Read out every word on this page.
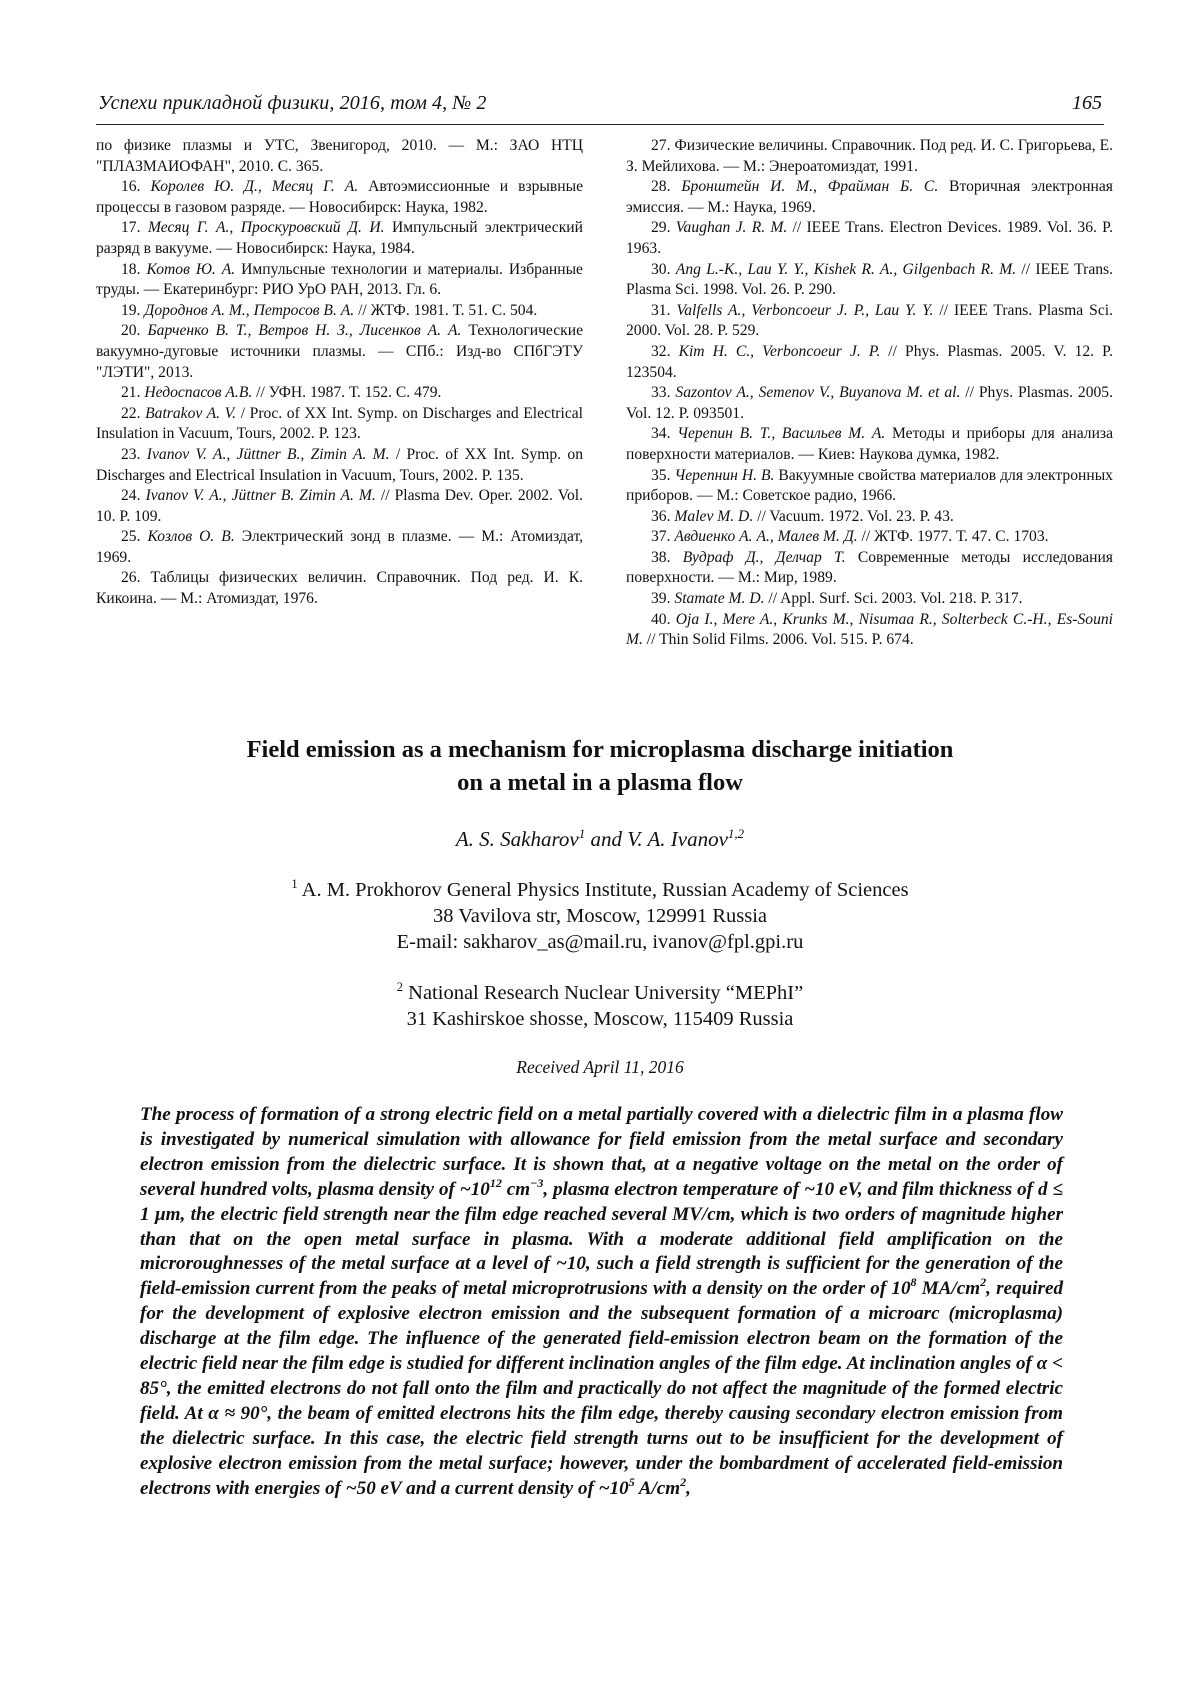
Успехи прикладной физики, 2016, том 4, № 2	165

по физике плазмы и УТС, Звенигород, 2010. — М.: ЗАО НТЦ "ПЛАЗМАИОФАН", 2010. С. 365.

16. Королев Ю. Д., Месяц Г. А. Автоэмиссионные и взрывные процессы в газовом разряде. — Новосибирск: Наука, 1982.

17. Месяц Г. А., Проскуровский Д. И. Импульсный электрический разряд в вакууме. — Новосибирск: Наука, 1984.

18. Котов Ю. А. Импульсные технологии и материалы. Избранные труды. — Екатеринбург: РИО УрО РАН, 2013. Гл. 6.

19. Дороднов А. М., Петросов В. А. // ЖТФ. 1981. Т. 51. С. 504.

20. Барченко В. Т., Ветров Н. З., Лисенков А. А. Технологические вакуумно-дуговые источники плазмы. — СПб.: Изд-во СПбГЭТУ "ЛЭТИ", 2013.

21. Недоспасов А.В. // УФН. 1987. Т. 152. С. 479.

22. Batrakov A. V. / Proc. of XX Int. Symp. on Discharges and Electrical Insulation in Vacuum, Tours, 2002. P. 123.

23. Ivanov V. A., Jüttner B., Zimin A. M. / Proc. of XX Int. Symp. on Discharges and Electrical Insulation in Vacuum, Tours, 2002. P. 135.

24. Ivanov V. A., Jüttner B. Zimin A. M. // Plasma Dev. Oper. 2002. Vol. 10. P. 109.

25. Козлов О. В. Электрический зонд в плазме. — М.: Атомиздат, 1969.

26. Таблицы физических величин. Справочник. Под ред. И. К. Кикоина. — М.: Атомиздат, 1976.

27. Физические величины. Справочник. Под ред. И. С. Григорьева, Е. З. Мейлихова. — М.: Энероатомиздат, 1991.

28. Бронштейн И. М., Фрайман Б. С. Вторичная электронная эмиссия. — М.: Наука, 1969.

29. Vaughan J. R. M. // IEEE Trans. Electron Devices. 1989. Vol. 36. P. 1963.

30. Ang L.-K., Lau Y. Y., Kishek R. A., Gilgenbach R. M. // IEEE Trans. Plasma Sci. 1998. Vol. 26. P. 290.

31. Valfells A., Verboncoeur J. P., Lau Y. Y. // IEEE Trans. Plasma Sci. 2000. Vol. 28. P. 529.

32. Kim H. C., Verboncoeur J. P. // Phys. Plasmas. 2005. V. 12. P. 123504.

33. Sazontov A., Semenov V., Buyanova M. et al. // Phys. Plasmas. 2005. Vol. 12. P. 093501.

34. Черепин В. Т., Васильев М. А. Методы и приборы для анализа поверхности материалов. — Киев: Наукова думка, 1982.

35. Черепнин Н. В. Вакуумные свойства материалов для электронных приборов. — М.: Советское радио, 1966.

36. Malev M. D. // Vacuum. 1972. Vol. 23. P. 43.

37. Авдиенко А. А., Малев М. Д. // ЖТФ. 1977. Т. 47. С. 1703.

38. Вудраф Д., Делчар Т. Современные методы исследования поверхности. — М.: Мир, 1989.

39. Stamate M. D. // Appl. Surf. Sci. 2003. Vol. 218. P. 317.

40. Oja I., Mere A., Krunks M., Nisumaa R., Solterbeck C.-H., Es-Souni M. // Thin Solid Films. 2006. Vol. 515. P. 674.

Field emission as a mechanism for microplasma discharge initiation
on a metal in a plasma flow
A. S. Sakharov$^1$ and V. A. Ivanov$^{1,2}$
$^1$ A. M. Prokhorov General Physics Institute, Russian Academy of Sciences
38 Vavilova str, Moscow, 129991 Russia
E-mail: sakharov_as@mail.ru, ivanov@fpl.gpi.ru
$^2$ National Research Nuclear University “MEPhI”
31 Kashirskoe shosse, Moscow, 115409 Russia
Received April 11, 2016
The process of formation of a strong electric field on a metal partially covered with a dielectric film in a plasma flow is investigated by numerical simulation with allowance for field emission from the metal surface and secondary electron emission from the dielectric surface. It is shown that, at a negative voltage on the metal on the order of several hundred volts, plasma density of $\sim 10^{12}$ $cm^{-3}$, plasma electron temperature of ~10 eV, and film thickness of d ≤ 1 μm, the electric field strength near the film edge reached several MV/cm, which is two orders of magnitude higher than that on the open metal surface in plasma. With a moderate additional field amplification on the microroughnesses of the metal surface at a level of ~10, such a field strength is sufficient for the generation of the field-emission current from the peaks of metal microprotrusions with a density on the order of $10^8$ $MA/cm^2$, required for the development of explosive electron emission and the subsequent formation of a microarc (microplasma) discharge at the film edge. The influence of the generated field-emission electron beam on the formation of the electric field near the film edge is studied for different inclination angles of the film edge. At inclination angles of α < 85°, the emitted electrons do not fall onto the film and practically do not affect the magnitude of the formed electric field. At α ≈ 90°, the beam of emitted electrons hits the film edge, thereby causing secondary electron emission from the dielectric surface. In this case, the electric field strength turns out to be insufficient for the development of explosive electron emission from the metal surface; however, under the bombardment of accelerated field-emission electrons with energies of ~50 eV and a current density of $\sim 10^5$ $A/cm^2$,
